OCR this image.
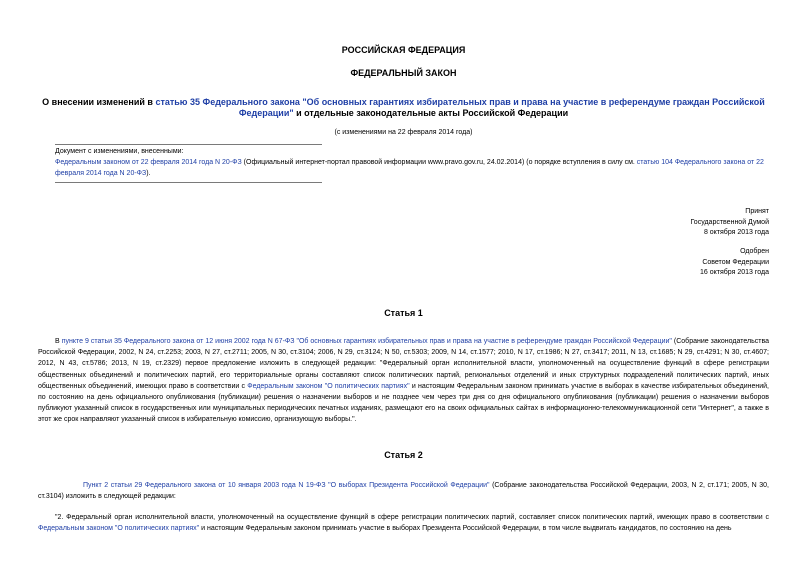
РОССИЙСКАЯ ФЕДЕРАЦИЯ
ФЕДЕРАЛЬНЫЙ ЗАКОН
О внесении изменений в статью 35 Федерального закона "Об основных гарантиях избирательных прав и права на участие в референдуме граждан Российской Федерации" и отдельные законодательные акты Российской Федерации
(с изменениями на 22 февраля 2014 года)
Документ с изменениями, внесенными:
Федеральным законом от 22 февраля 2014 года N 20-ФЗ (Официальный интернет-портал правовой информации www.pravo.gov.ru, 24.02.2014) (о порядке вступления в силу см. статью 104 Федерального закона от 22 февраля 2014 года N 20-ФЗ).
Принят
Государственной Думой
8 октября 2013 года
Одобрен
Советом Федерации
16 октября 2013 года
Статья 1
В пункте 9 статьи 35 Федерального закона от 12 июня 2002 года N 67-ФЗ "Об основных гарантиях избирательных прав и права на участие в референдуме граждан Российской Федерации" (Собрание законодательства Российской Федерации, 2002, N 24, ст.2253; 2003, N 27, ст.2711; 2005, N 30, ст.3104; 2006, N 29, ст.3124; N 50, ст.5303; 2009, N 14, ст.1577; 2010, N 17, ст.1986; N 27, ст.3417; 2011, N 13, ст.1685; N 29, ст.4291; N 30, ст.4607; 2012, N 43, ст.5786; 2013, N 19, ст.2329) первое предложение изложить в следующей редакции: "Федеральный орган исполнительной власти, уполномоченный на осуществление функций в сфере регистрации общественных объединений и политических партий, его территориальные органы составляют список политических партий, региональных отделений и иных структурных подразделений политических партий, иных общественных объединений, имеющих право в соответствии с Федеральным законом "О политических партиях" и настоящим Федеральным законом принимать участие в выборах в качестве избирательных объединений, по состоянию на день официального опубликования (публикации) решения о назначении выборов и не позднее чем через три дня со дня официального опубликования (публикации) решения о назначении выборов публикуют указанный список в государственных или муниципальных периодических печатных изданиях, размещают его на своих официальных сайтах в информационно-телекоммуникационной сети "Интернет", а также в этот же срок направляют указанный список в избирательную комиссию, организующую выборы.".
Статья 2
Пункт 2 статьи 29 Федерального закона от 10 января 2003 года N 19-ФЗ "О выборах Президента Российской Федерации" (Собрание законодательства Российской Федерации, 2003, N 2, ст.171; 2005, N 30, ст.3104) изложить в следующей редакции:
"2. Федеральный орган исполнительной власти, уполномоченный на осуществление функций в сфере регистрации политических партий, составляет список политических партий, имеющих право в соответствии с Федеральным законом "О политических партиях" и настоящим Федеральным законом принимать участие в выборах Президента Российской Федерации, в том числе выдвигать кандидатов, по состоянию на день
